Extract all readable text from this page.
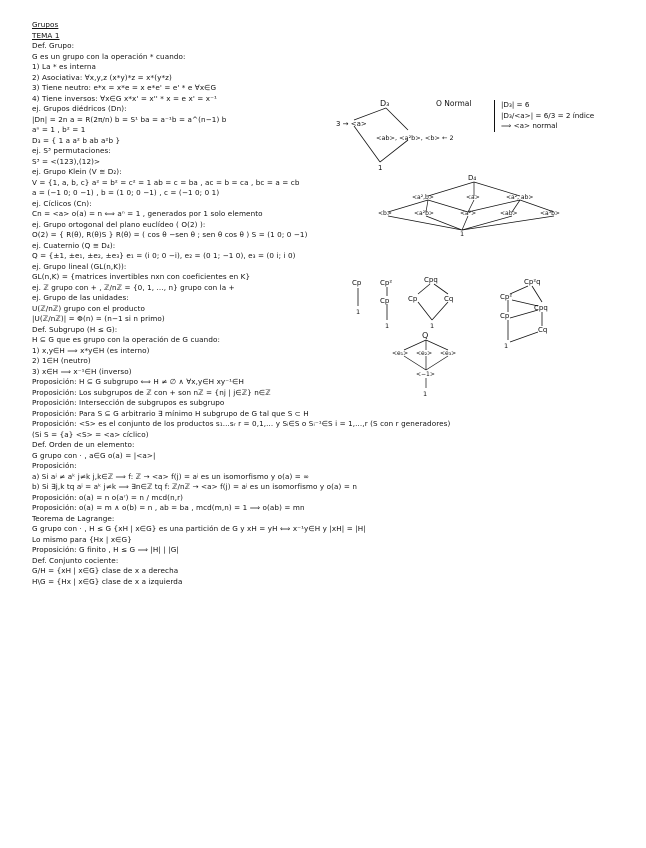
Grupos
TEMA 1
Def. Grupo:
G es un grupo con la operación * cuando:
1) La * es interna
2) Asociativa: ∀x,y,z (x*y)*z = x*(y*z)
3) Tiene neutro: e*x = x*e = x e*e' = e' * e ∀x∈G
4) Tiene inversos: ∀x∈G x*x' = x'' * x = e x' = x⁻¹
ej. Grupos diédricos (Dn):
|Dn| = 2n a = R(2π/n) b = S¹ ba = a⁻¹b = a^(n−1) b
aⁿ = 1 , b² = 1
D₃ = { 1 a a² b ab a²b }
ej. S³ permutaciones:
S³ = <(123),(12)>
ej. Grupo Klein (V ≅ D₂):
V = {1, a, b, c} a² = b² = c² = 1 ab = c = ba , ac = b = ca , bc = a = cb
a = (−1 0; 0 −1) , b = (1 0; 0 −1) , c = (−1 0; 0 1)
ej. Cíclicos (Cn):
Cn = <a> o(a) = n ⟺ aⁿ = 1 , generados por 1 solo elemento
ej. Grupo ortogonal del plano euclídeo ( O(2) ):
O(2) = { R(θ), R(θ)S } R(θ) = ( cos θ −sen θ ; sen θ cos θ ) S = (1 0; 0 −1)
ej. Cuaternio (Q ≅ D₄):
Q = {±1, ±e₁, ±e₂, ±e₃} e₁ = (i 0; 0 −i), e₂ = (0 1; −1 0), e₃ = (0 i; i 0)
ej. Grupo lineal (GL(n,K)):
GL(n,K) = {matrices invertibles nxn con coeficientes en K}
ej. ℤ grupo con + , ℤ/nℤ = {0, 1, ..., n} grupo con la +
ej. Grupo de las unidades:
U(ℤ/nℤ) grupo con el producto
|U(ℤ/nℤ)| = Φ(n) = (n−1 si n primo)
Def. Subgrupo (H ≤ G):
H ⊆ G que es grupo con la operación de G cuando:
1) x,y∈H ⟹ x*y∈H (es interno)
2) 1∈H (neutro)
3) x∈H ⟹ x⁻¹∈H (inverso)
Proposición: H ⊆ G subgrupo ⟺ H ≠ ∅ ∧ ∀x,y∈H xy⁻¹∈H
Proposición: Los subgrupos de ℤ con + son nℤ = {nj | j∈ℤ} n∈ℤ
Proposición: Intersección de subgrupos es subgrupo
Proposición: Para S ⊆ G arbitrario ∃ mínimo H subgrupo de G tal que S ⊂ H
Proposición: <S> es el conjunto de los productos s₁...sᵣ r = 0,1,... y Sᵢ∈S o Sᵢ⁻¹∈S i = 1,...,r (S con r generadores)
(Si S = {a} <S> = <a> cíclico)
Def. Orden de un elemento:
G grupo con · , a∈G o(a) = |<a>|
Proposición:
a) Si aʲ ≠ aᵏ j≠k j,k∈ℤ ⟹ f: ℤ → <a> f(j) = aʲ es un isomorfismo y o(a) = ∞
b) Si ∃j,k tq aʲ = aᵏ j≠k ⟹ ∃n∈ℤ tq f: ℤ/nℤ → <a> f(j) = aʲ es un isomorfismo y o(a) = n
Proposición: o(a) = n o(aʳ) = n / mcd(n,r)
Proposición: o(a) = m ∧ o(b) = n , ab = ba , mcd(m,n) = 1 ⟹ o(ab) = mn
Teorema de Lagrange:
G grupo con · , H ≤ G {xH | x∈G} es una partición de G y xH = yH ⟺ x⁻¹y∈H y |xH| = |H|
Lo mismo para {Hx | x∈G}
Proposición: G finito , H ≤ G ⟹ |H| | |G|
Def. Conjunto cociente:
G/H = {xH | x∈G} clase de x a derecha
H\G = {Hx | x∈G} clase de x a izquierda
D₃
3 → <a>
<ab>, <a²b>, <b> ← 2
1
O Normal	|D₃| = 6
|D₃/<a>| = 6/3 = 2 índice
⟹ <a> normal
D₄
<a²,b>	<a>	<a², ab>
<b>	<a²b>	<a²>	<ab>	<a³b>
1
Cp
1
Cp²
Cp
1
Cpq
Cp	Cq
1
Cp²q
Cp²
Cpq
Cp
Cq
1
Q
<e₁> <e₂> <e₃>
<−1>
1
